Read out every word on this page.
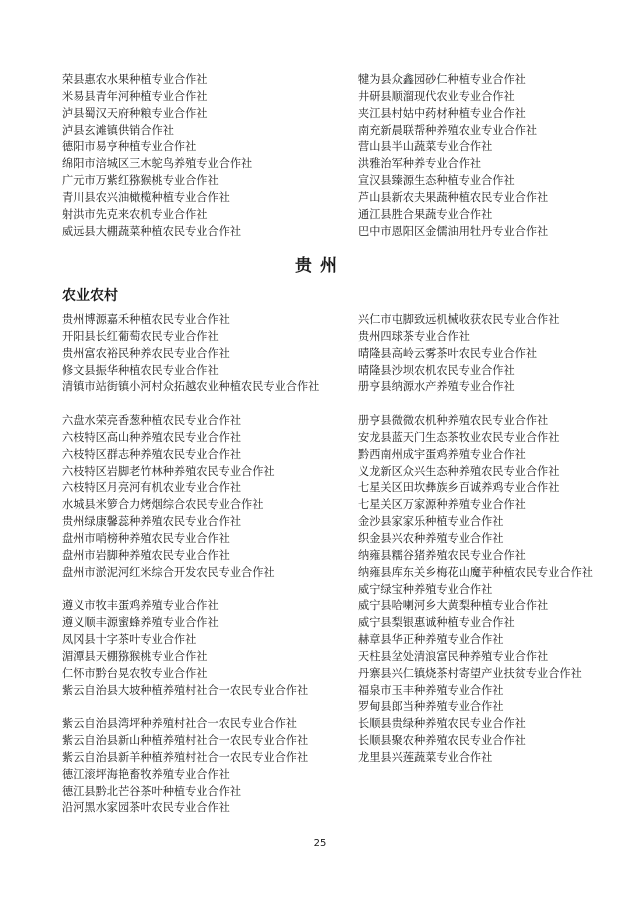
荣县惠农水果种植专业合作社
米易县青年河种植专业合作社
泸县蜀汉天府种粮专业合作社
泸县玄滩镇供销合作社
德阳市易亨种植专业合作社
绵阳市涪城区三木鸵鸟养殖专业合作社
广元市万紫红猕猴桃专业合作社
青川县农兴油橄榄种植专业合作社
射洪市先克来农机专业合作社
威远县大棚蔬菜种植农民专业合作社
犍为县众鑫园砂仁种植专业合作社
井研县顺溜现代农业专业合作社
夹江县村姑中药材种植专业合作社
南充新晨联帮种养殖农业专业合作社
营山县半山蔬菜专业合作社
洪雅治军种养专业合作社
宣汉县臻源生态种植专业合作社
芦山县新农夫果蔬种植农民专业合作社
通江县胜合果蔬专业合作社
巴中市恩阳区金儒油用牡丹专业合作社
贵州
农业农村
贵州博源嘉禾种植农民专业合作社
开阳县长红葡萄农民专业合作社
贵州富农裕民种养农民专业合作社
修文县振华种植农民专业合作社
清镇市站街镇小河村众拓越农业种植农民专业合作社
六盘水荣亮香葱种植农民专业合作社
六枝特区高山种养殖农民专业合作社
六枝特区群志种养殖农民专业合作社
六枝特区岩脚老竹林种养殖农民专业合作社
六枝特区月亮河有机农业专业合作社
水城县米箩合力烤烟综合农民专业合作社
贵州绿康馨蕊种养殖农民专业合作社
盘州市哨榜种养殖农民专业合作社
盘州市岩脚种养殖农民专业合作社
盘州市淤泥河红米综合开发农民专业合作社
遵义市牧丰蛋鸡养殖专业合作社
遵义顺丰源蜜蜂养殖专业合作社
凤冈县十字茶叶专业合作社
湄潭县天棚猕猴桃专业合作社
仁怀市黔台晃农牧专业合作社
紫云自治县大坡种植养殖村社合一农民专业合作社
紫云自治县湾坪种养殖村社合一农民专业合作社
紫云自治县新山种植养殖村社合一农民专业合作社
紫云自治县新羊种植养殖村社合一农民专业合作社
德江滚坪海艳畜牧养殖专业合作社
德江县黔北芒谷茶叶种植专业合作社
沿河黑水家园茶叶农民专业合作社
兴仁市屯脚致远机械收获农民专业合作社
贵州四球茶专业合作社
晴隆县高岭云雾茶叶农民专业合作社
晴隆县沙坝农机农民专业合作社
册亨县纳源水产养殖专业合作社
册亨县微微农机种养殖农民专业合作社
安龙县蓝天门生态茶牧业农民专业合作社
黔西南州成宇蛋鸡养殖专业合作社
义龙新区众兴生态种养殖农民专业合作社
七星关区田坎彝族乡百诚养鸡专业合作社
七星关区万家源种养殖专业合作社
金沙县家家乐种植专业合作社
织金县兴农种养殖专业合作社
纳雍县糯谷猪养殖农民专业合作社
纳雍县库东关乡梅花山魔芋种植农民专业合作社
威宁绿宝种养殖专业合作社
威宁县哈喇河乡大黄梨种植专业合作社
威宁县梨银惠诚种植专业合作社
赫章县华正种养殖专业合作社
天柱县坌处清浪富民种养殖专业合作社
丹寨县兴仁镇烧茶村寄望产业扶贫专业合作社
福泉市玉丰种养殖专业合作社
罗甸县郎当种养殖专业合作社
长顺县贵绿种养殖农民专业合作社
长顺县聚农种养殖农民专业合作社
龙里县兴莲蔬菜专业合作社
25
